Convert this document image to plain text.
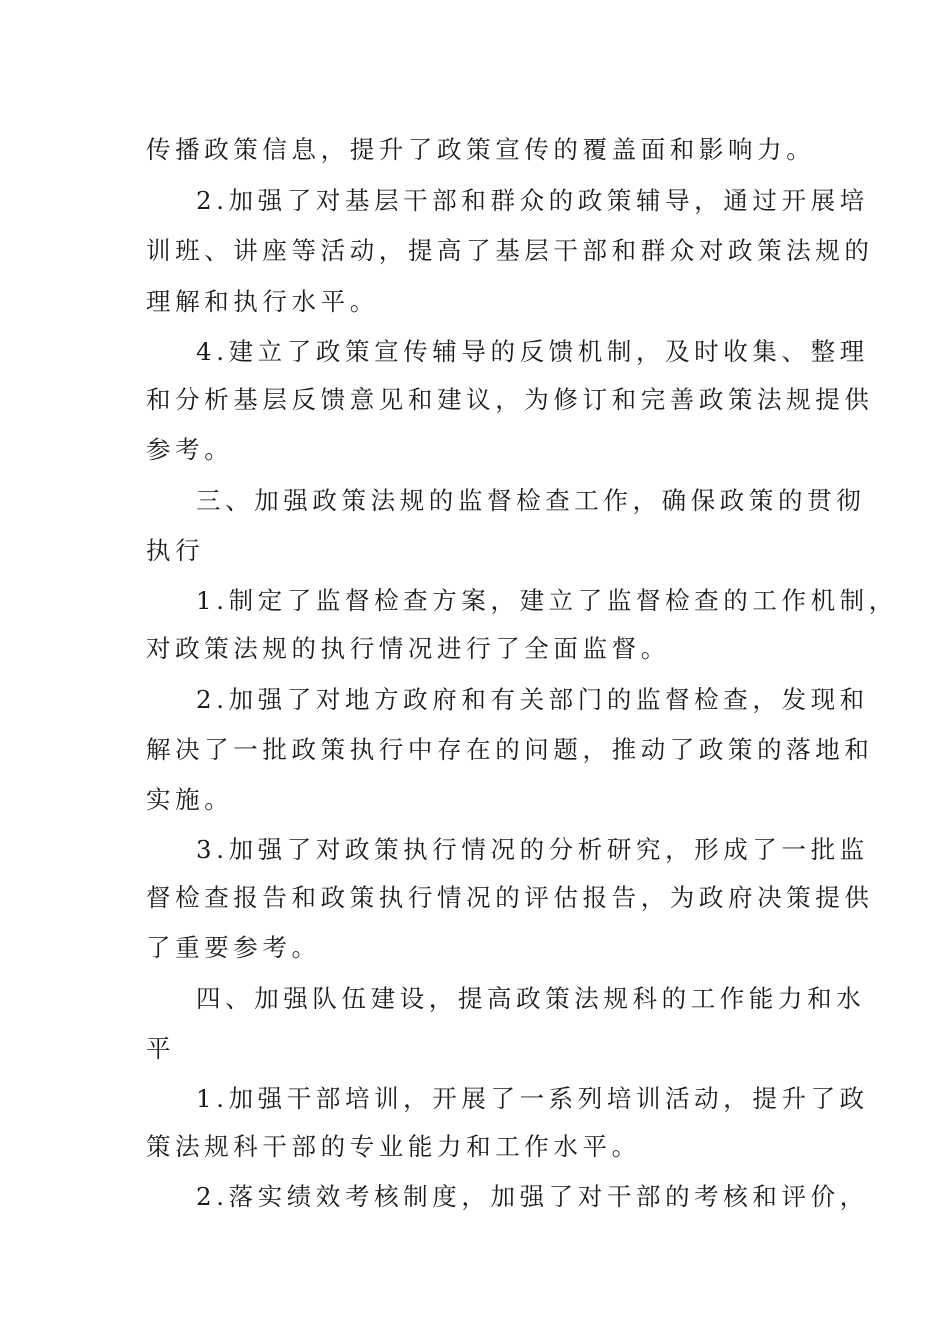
传播政策信息，提升了政策宣传的覆盖面和影响力。
2.加强了对基层干部和群众的政策辅导，通过开展培
训班、讲座等活动，提高了基层干部和群众对政策法规的
理解和执行水平。
4.建立了政策宣传辅导的反馈机制，及时收集、整理
和分析基层反馈意见和建议，为修订和完善政策法规提供
参考。
三、加强政策法规的监督检查工作，确保政策的贯彻
执行
1.制定了监督检查方案，建立了监督检查的工作机制，
对政策法规的执行情况进行了全面监督。
2.加强了对地方政府和有关部门的监督检查，发现和
解决了一批政策执行中存在的问题，推动了政策的落地和
实施。
3.加强了对政策执行情况的分析研究，形成了一批监
督检查报告和政策执行情况的评估报告，为政府决策提供
了重要参考。
四、加强队伍建设，提高政策法规科的工作能力和水
平
1.加强干部培训，开展了一系列培训活动，提升了政
策法规科干部的专业能力和工作水平。
2.落实绩效考核制度，加强了对干部的考核和评价，
